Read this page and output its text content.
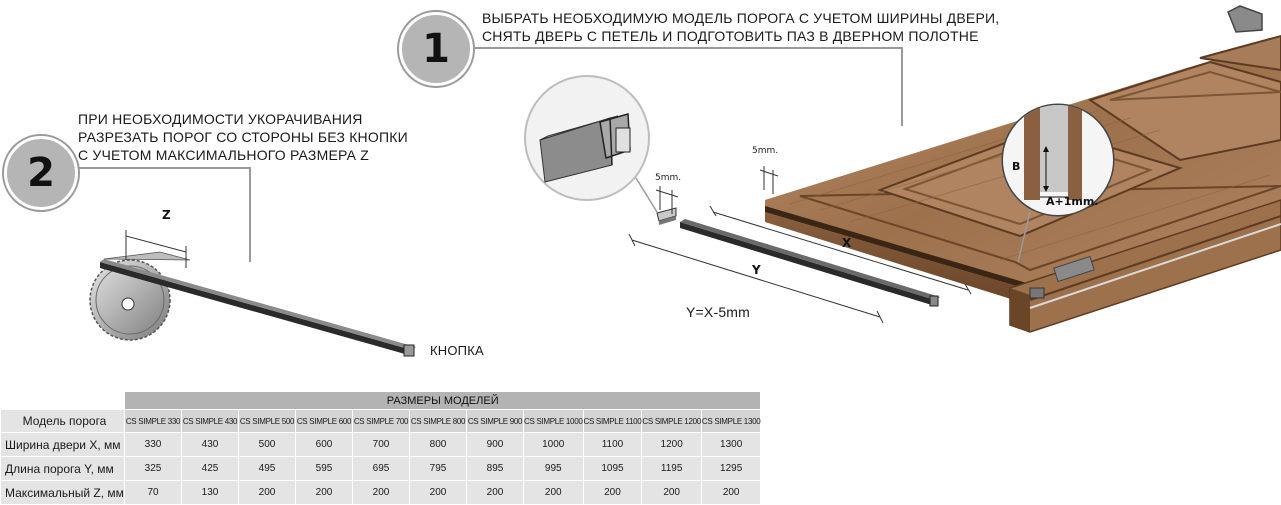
1
ВЫБРАТЬ НЕОБХОДИМУЮ МОДЕЛЬ ПОРОГА С УЧЕТОМ ШИРИНЫ ДВЕРИ,
СНЯТЬ ДВЕРЬ С ПЕТЕЛЬ И ПОДГОТОВИТЬ ПАЗ В ДВЕРНОМ ПОЛОТНЕ
2
ПРИ НЕОБХОДИМОСТИ УКОРАЧИВАНИЯ
РАЗРЕЗАТЬ ПОРОГ СО СТОРОНЫ БЕЗ КНОПКИ
С УЧЕТОМ МАКСИМАЛЬНОГО РАЗМЕРА Z
Z
КНОПКА
X
Y
Y=X-5mm
5mm.
5mm.
B
A+1mm.
	РАЗМЕРЫ МОДЕЛЕЙ										
Модель порога	CS SIMPLE 330	CS SIMPLE 430	CS SIMPLE 500	CS SIMPLE 600	CS SIMPLE 700	CS SIMPLE 800	CS SIMPLE 900	CS SIMPLE 1000	CS SIMPLE 1100	CS SIMPLE 1200	CS SIMPLE 1300
Ширина двери X, мм	330	430	500	600	700	800	900	1000	1100	1200	1300
Длина порога Y, мм	325	425	495	595	695	795	895	995	1095	1195	1295
Максимальный Z, мм	70	130	200	200	200	200	200	200	200	200	200
